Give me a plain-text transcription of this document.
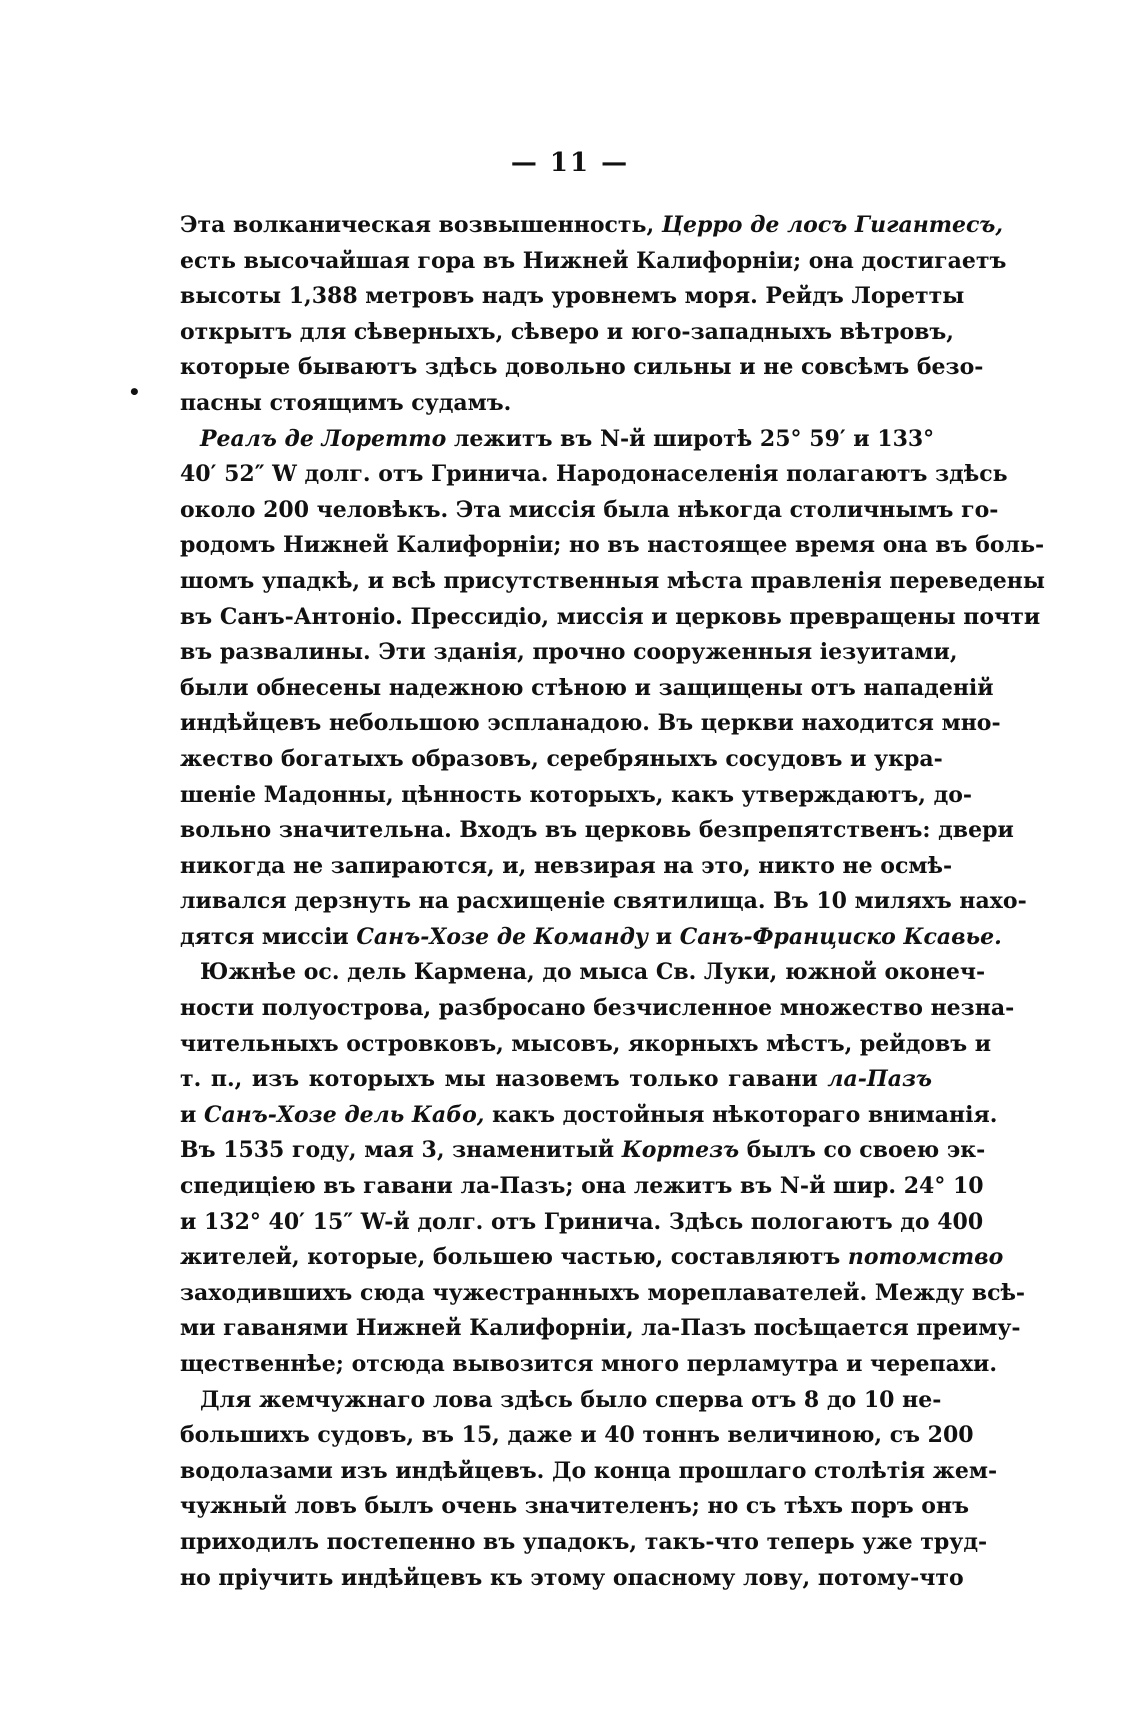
— 11 —
•
Эта волканическая возвышенность, Церро де лосъ Гигантесъ,
есть высочайшая гора въ Нижней Калифорніи; она достигаетъ
высоты 1,388 метровъ надъ уровнемъ моря. Рейдъ Лоретты
открытъ для сѣверныхъ, сѣверо и юго-западныхъ вѣтровъ,
которые бываютъ здѣсь довольно сильны и не совсѣмъ безо-
пасны стоящимъ судамъ.
Реалъ де Лоретто лежитъ въ N-й широтѣ 25° 59′ и 133°
40′ 52″ W долг. отъ Гринича. Народонаселенія полагаютъ здѣсь
около 200 человѣкъ. Эта миссія была нѣкогда столичнымъ го-
родомъ Нижней Калифорніи; но въ настоящее время она въ боль-
шомъ упадкѣ, и всѣ присутственныя мѣста правленія переведены
въ Санъ-Антоніо. Прессидіо, миссія и церковь превращены почти
въ развалины. Эти зданія, прочно сооруженныя іезуитами,
были обнесены надежною стѣною и защищены отъ нападеній
индѣйцевъ небольшою эспланадою. Въ церкви находится мно-
жество богатыхъ образовъ, серебряныхъ сосудовъ и укра-
шеніе Мадонны, цѣнность которыхъ, какъ утверждаютъ, до-
вольно значительна. Входъ въ церковь безпрепятственъ: двери
никогда не запираются, и, невзирая на это, никто не осмѣ-
ливался дерзнуть на расхищеніе святилища. Въ 10 миляхъ нахо-
дятся миссіи Санъ-Хозе де Команду и Санъ-Франциско Ксавье.
Южнѣе ос. дель Кармена, до мыса Св. Луки, южной оконеч-
ности полуострова, разбросано безчисленное множество незна-
чительныхъ островковъ, мысовъ, якорныхъ мѣстъ, рейдовъ и
т. п., изъ которыхъ мы назовемъ только гавани ла-Пазъ
и Санъ-Хозе дель Кабо, какъ достойныя нѣкотораго вниманія.
Въ 1535 году, мая 3, знаменитый Кортезъ былъ со своею эк-
спедиціею въ гавани ла-Пазъ; она лежитъ въ N-й шир. 24° 10
и 132° 40′ 15″ W-й долг. отъ Гринича. Здѣсь пологаютъ до 400
жителей, которые, большею частью, составляютъ потомство
заходившихъ сюда чужестранныхъ мореплавателей. Между всѣ-
ми гаванями Нижней Калифорніи, ла-Пазъ посѣщается преиму-
щественнѣе; отсюда вывозится много перламутра и черепахи.
Для жемчужнаго лова здѣсь было сперва отъ 8 до 10 не-
большихъ судовъ, въ 15, даже и 40 тоннъ величиною, съ 200
водолазами изъ индѣйцевъ. До конца прошлаго столѣтія жем-
чужный ловъ былъ очень значителенъ; но съ тѣхъ поръ онъ
приходилъ постепенно въ упадокъ, такъ-что теперь уже труд-
но пріучить индѣйцевъ къ этому опасному лову, потому-что
